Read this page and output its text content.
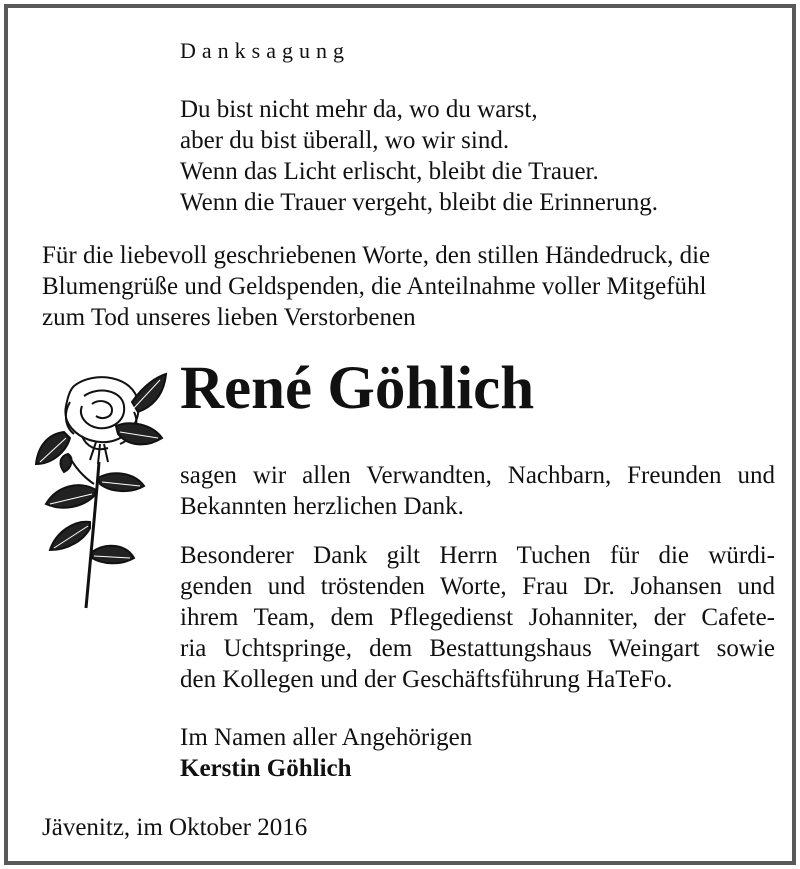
Danksagung
Du bist nicht mehr da, wo du warst,
aber du bist überall, wo wir sind.
Wenn das Licht erlischt, bleibt die Trauer.
Wenn die Trauer vergeht, bleibt die Erinnerung.
Für die liebevoll geschriebenen Worte, den stillen Händedruck, die
Blumengrüße und Geldspenden, die Anteilnahme voller Mitgefühl
zum Tod unseres lieben Verstorbenen
René Göhlich
sagen wir allen Verwandten, Nachbarn, Freunden und
Bekannten herzlichen Dank.
Besonderer Dank gilt Herrn Tuchen für die würdi-
genden und tröstenden Worte, Frau Dr. Johansen und
ihrem Team, dem Pflegedienst Johanniter, der Cafete-
ria Uchtspringe, dem Bestattungshaus Weingart sowie
den Kollegen und der Geschäftsführung HaTeFo.
Im Namen aller Angehörigen
Kerstin Göhlich
Jävenitz, im Oktober 2016
